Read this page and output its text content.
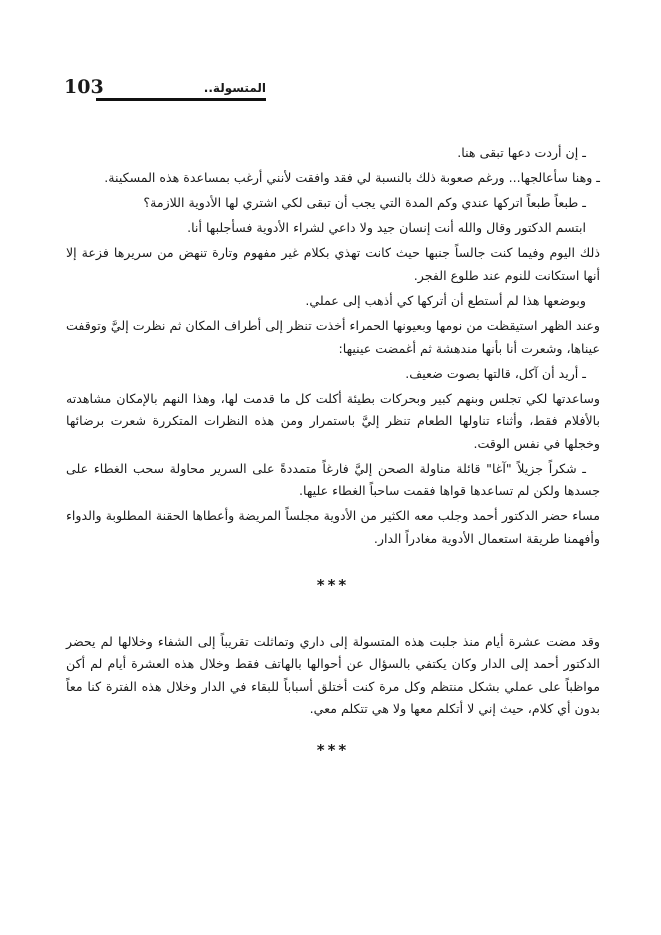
103	المتسولة..

ـ إن أردت دعها تبقى هنا.

ـ وهنا سأعالجها... ورغم صعوبة ذلك بالنسبة لي فقد وافقت لأنني أرغب بمساعدة هذه المسكينة.

ـ طبعاً طبعاً اتركها عندي وكم المدة التي يجب أن تبقى لكي اشتري لها الأدوية اللازمة؟

ابتسم الدكتور وقال والله أنت إنسان جيد ولا داعي لشراء الأدوية فسأجلبها أنا.

ذلك اليوم وفيما كنت جالساً جنبها حيث كانت تهذي بكلام غير مفهوم وتارة تنهض من سريرها فزعة إلا أنها استكانت للنوم عند طلوع الفجر.

وبوضعها هذا لم أستطع أن أتركها كي أذهب إلى عملي.

وعند الظهر استيقظت من نومها وبعيونها الحمراء أخذت تنظر إلى أطراف المكان ثم نظرت إليَّ وتوقفت عيناها، وشعرت أنا بأنها مندهشة ثم أغمضت عينيها:

ـ أريد أن آكل، قالتها بصوت ضعيف.

وساعدتها لكي تجلس وبنهم كبير وبحركات بطيئة أكلت كل ما قدمت لها، وهذا النهم بالإمكان مشاهدته بالأفلام فقط، وأثناء تناولها الطعام تنظر إليَّ باستمرار ومن هذه النظرات المتكررة شعرت برضائها وخجلها في نفس الوقت.

ـ شكراً جزيلاً "آغا" قائلة مناولة الصحن إليَّ فارغاً متمددةً على السرير محاولة سحب الغطاء على جسدها ولكن لم تساعدها قواها فقمت ساحباً الغطاء عليها.

مساء حضر الدكتور أحمد وجلب معه الكثير من الأدوية مجلساً المريضة وأعطاها الحقنة المطلوبة والدواء وأفهمنا طريقة استعمال الأدوية مغادراً الدار.

***

وقد مضت عشرة أيام منذ جلبت هذه المتسولة إلى داري وتماثلت تقريباً إلى الشفاء وخلالها لم يحضر الدكتور أحمد إلى الدار وكان يكتفي بالسؤال عن أحوالها بالهاتف فقط وخلال هذه العشرة أيام لم أكن مواظباً على عملي بشكل منتظم وكل مرة كنت أختلق أسباباً للبقاء في الدار وخلال هذه الفترة كنا معاً بدون أي كلام، حيث إني لا أتكلم معها ولا هي تتكلم معي.

***
